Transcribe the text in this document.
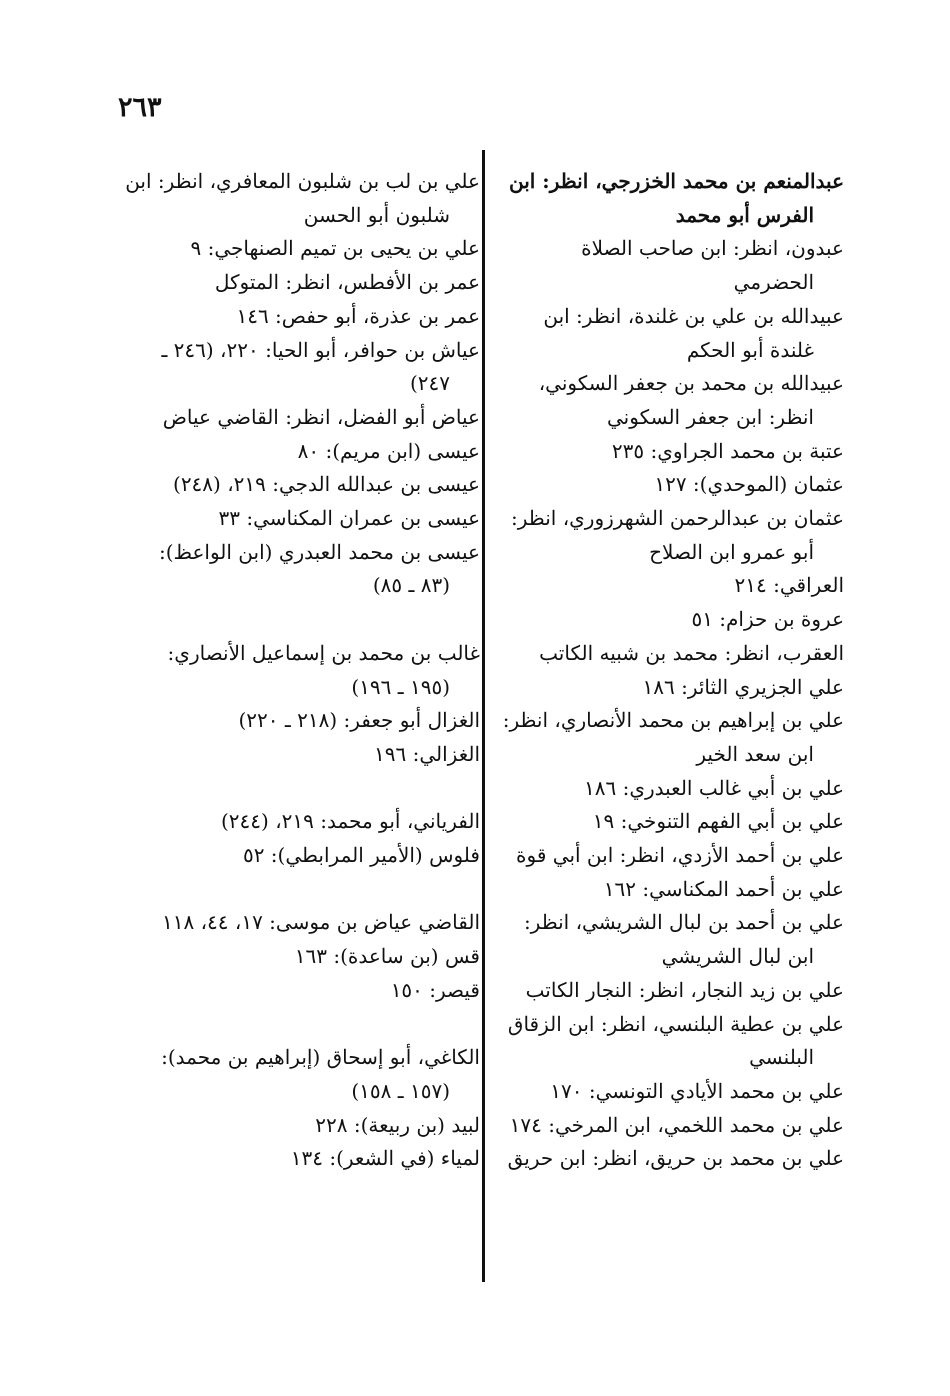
٢٦٣
عبدالمنعم بن محمد الخزرجي، انظر: ابن الفرس أبو محمد
عبدون، انظر: ابن صاحب الصلاة الحضرمي
عبيدالله بن علي بن غلندة، انظر: ابن غلندة أبو الحكم
عبيدالله بن محمد بن جعفر السكوني، انظر: ابن جعفر السكوني
عتبة بن محمد الجراوي: ٢٣٥
عثمان (الموحدي): ١٢٧
عثمان بن عبدالرحمن الشهرزوري، انظر: أبو عمرو ابن الصلاح
العراقي: ٢١٤
عروة بن حزام: ٥١
العقرب، انظر: محمد بن شبيه الكاتب
علي الجزيري الثائر: ١٨٦
علي بن إبراهيم بن محمد الأنصاري، انظر: ابن سعد الخير
علي بن أبي غالب العبدري: ١٨٦
علي بن أبي الفهم التنوخي: ١٩
علي بن أحمد الأزدي، انظر: ابن أبي قوة
علي بن أحمد المكناسي: ١٦٢
علي بن أحمد بن لبال الشريشي، انظر: ابن لبال الشريشي
علي بن زيد النجار، انظر: النجار الكاتب
علي بن عطية البلنسي، انظر: ابن الزقاق البلنسي
علي بن محمد الأيادي التونسي: ١٧٠
علي بن محمد اللخمي، ابن المرخي: ١٧٤
علي بن محمد بن حريق، انظر: ابن حريق
علي بن لب بن شلبون المعافري، انظر: ابن شلبون أبو الحسن
علي بن يحيى بن تميم الصنهاجي: ٩
عمر بن الأفطس، انظر: المتوكل
عمر بن عذرة، أبو حفص: ١٤٦
عياش بن حوافر، أبو الحيا: ٢٢٠، (٢٤٦ ـ ٢٤٧)
عياض أبو الفضل، انظر: القاضي عياض
عيسى (ابن مريم): ٨٠
عيسى بن عبدالله الدجي: ٢١٩، (٢٤٨)
عيسى بن عمران المكناسي: ٣٣
عيسى بن محمد العبدري (ابن الواعظ): (٨٣ ـ ٨٥)
غالب بن محمد بن إسماعيل الأنصاري: (١٩٥ ـ ١٩٦)
الغزال أبو جعفر: (٢١٨ ـ ٢٢٠)
الغزالي: ١٩٦
الفرياني، أبو محمد: ٢١٩، (٢٤٤)
فلوس (الأمير المرابطي): ٥٢
القاضي عياض بن موسى: ١٧، ٤٤، ١١٨
قس (بن ساعدة): ١٦٣
قيصر: ١٥٠
الكاغي، أبو إسحاق (إبراهيم بن محمد): (١٥٧ ـ ١٥٨)
لبيد (بن ربيعة): ٢٢٨
لمياء (في الشعر): ١٣٤
